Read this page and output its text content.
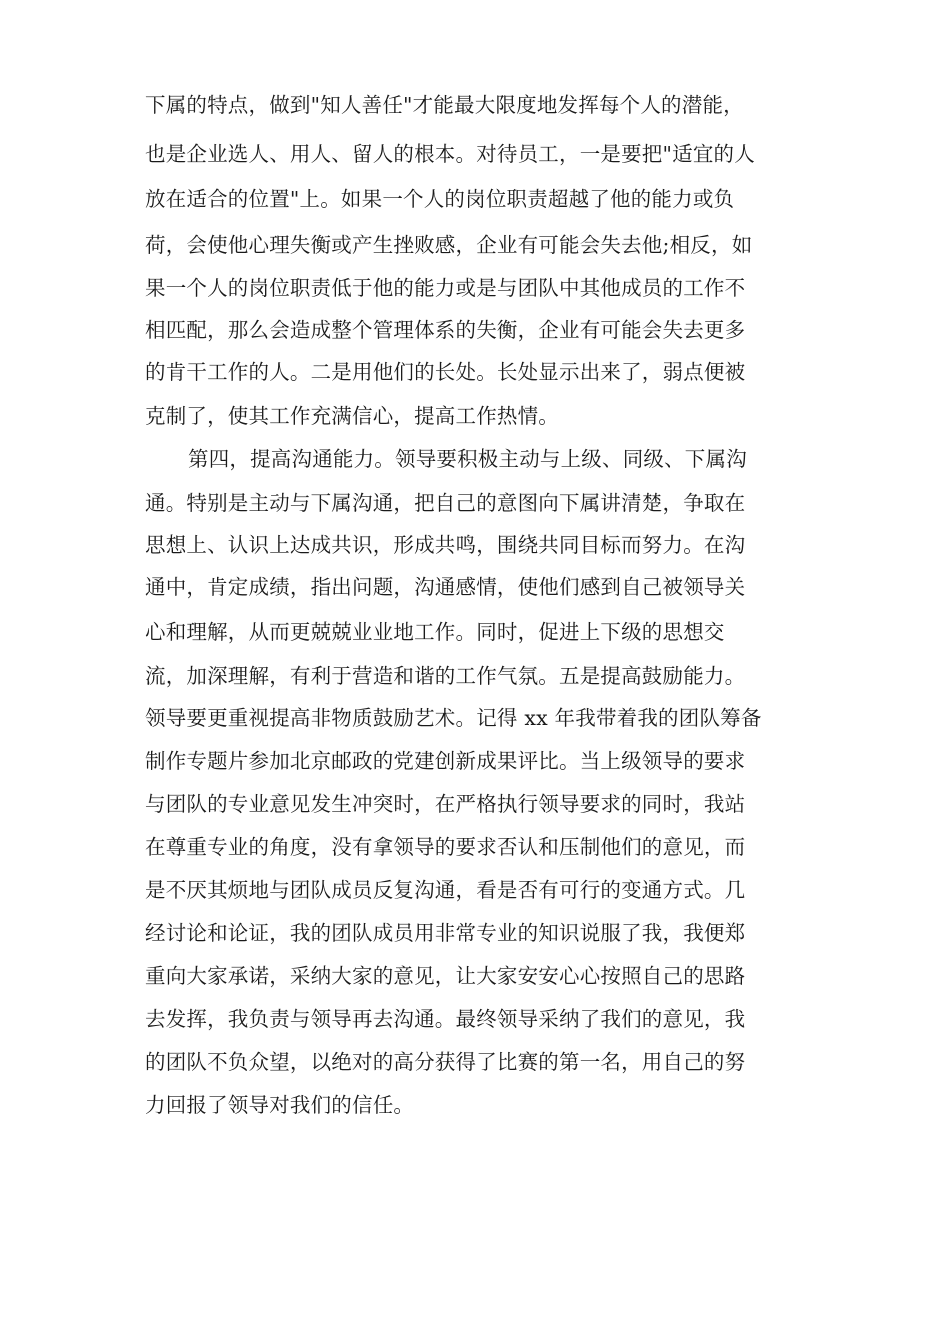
下属的特点，做到"知人善任"才能最大限度地发挥每个人的潜能，
也是企业选人、用人、留人的根本。对待员工，一是要把"适宜的人
放在适合的位置"上。如果一个人的岗位职责超越了他的能力或负
荷，会使他心理失衡或产生挫败感，企业有可能会失去他;相反，如
果一个人的岗位职责低于他的能力或是与团队中其他成员的工作不
相匹配，那么会造成整个管理体系的失衡，企业有可能会失去更多
的肯干工作的人。二是用他们的长处。长处显示出来了，弱点便被
克制了，使其工作充满信心，提高工作热情。
第四，提高沟通能力。领导要积极主动与上级、同级、下属沟
通。特别是主动与下属沟通，把自己的意图向下属讲清楚，争取在
思想上、认识上达成共识，形成共鸣，围绕共同目标而努力。在沟
通中，肯定成绩，指出问题，沟通感情，使他们感到自己被领导关
心和理解，从而更兢兢业业地工作。同时，促进上下级的思想交
流，加深理解，有利于营造和谐的工作气氛。五是提高鼓励能力。
领导要更重视提高非物质鼓励艺术。记得 xx 年我带着我的团队筹备
制作专题片参加北京邮政的党建创新成果评比。当上级领导的要求
与团队的专业意见发生冲突时，在严格执行领导要求的同时，我站
在尊重专业的角度，没有拿领导的要求否认和压制他们的意见，而
是不厌其烦地与团队成员反复沟通，看是否有可行的变通方式。几
经讨论和论证，我的团队成员用非常专业的知识说服了我，我便郑
重向大家承诺，采纳大家的意见，让大家安安心心按照自己的思路
去发挥，我负责与领导再去沟通。最终领导采纳了我们的意见，我
的团队不负众望，以绝对的高分获得了比赛的第一名，用自己的努
力回报了领导对我们的信任。
